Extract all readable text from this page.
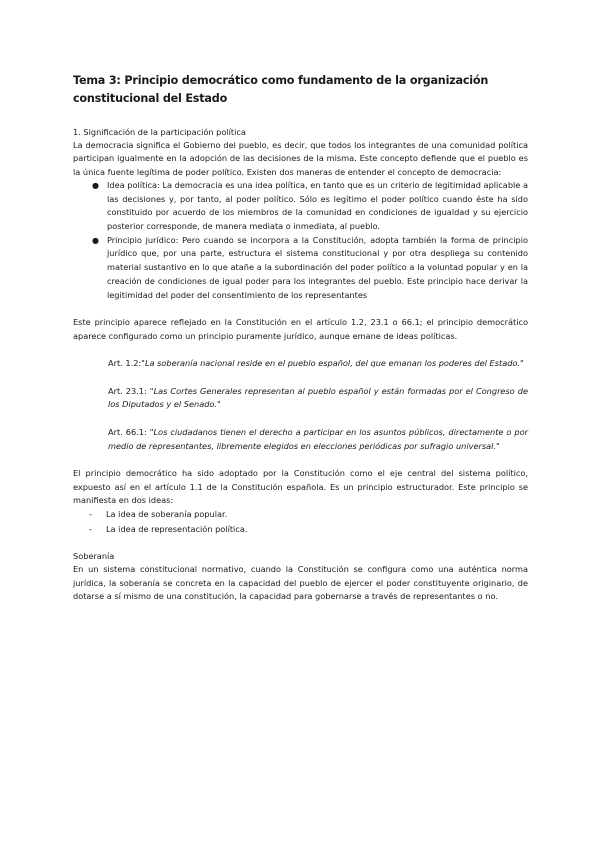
Tema 3: Principio democrático como fundamento de la organización constitucional del Estado
1. Significación de la participación política

La democracia significa el Gobierno del pueblo, es decir, que todos los integrantes de una comunidad política participan igualmente en la adopción de las decisiones de la misma. Este concepto defiende que el pueblo es la única fuente legítima de poder político. Existen dos maneras de entender el concepto de democracia:

● Idea política: La democracia es una idea política, en tanto que es un criterio de legitimidad aplicable a las decisiones y, por tanto, al poder político. Sólo es legítimo el poder político cuando éste ha sido constituido por acuerdo de los miembros de la comunidad en condiciones de igualdad y su ejercicio posterior corresponde, de manera mediata o inmediata, al pueblo.
● Principio jurídico: Pero cuando se incorpora a la Constitución, adopta también la forma de principio jurídico que, por una parte, estructura el sistema constitucional y por otra despliega su contenido material sustantivo en lo que atañe a la subordinación del poder político a la voluntad popular y en la creación de condiciones de igual poder para los integrantes del pueblo. Este principio hace derivar la legitimidad del poder del consentimiento de los representantes

Este principio aparece reflejado en la Constitución en el artículo 1.2, 23.1 o 66.1; el principio democrático aparece configurado como un principio puramente jurídico, aunque emane de ideas políticas.

Art. 1.2:"La soberanía nacional reside en el pueblo español, del que emanan los poderes del Estado."
Art. 23.1: "Las Cortes Generales representan al pueblo español y están formadas por el Congreso de los Diputados y el Senado."
Art. 66.1: "Los ciudadanos tienen el derecho a participar en los asuntos públicos, directamente o por medio de representantes, libremente elegidos en elecciones periódicas por sufragio universal."

El principio democrático ha sido adoptado por la Constitución como el eje central del sistema político, expuesto así en el artículo 1.1 de la Constitución española. Es un principio estructurador. Este principio se manifiesta en dos ideas:

- La idea de soberanía popular.
- La idea de representación política.
Soberanía

En un sistema constitucional normativo, cuando la Constitución se configura como una auténtica norma jurídica, la soberanía se concreta en la capacidad del pueblo de ejercer el poder constituyente originario, de dotarse a sí mismo de una constitución, la capacidad para gobernarse a través de representantes o no.
